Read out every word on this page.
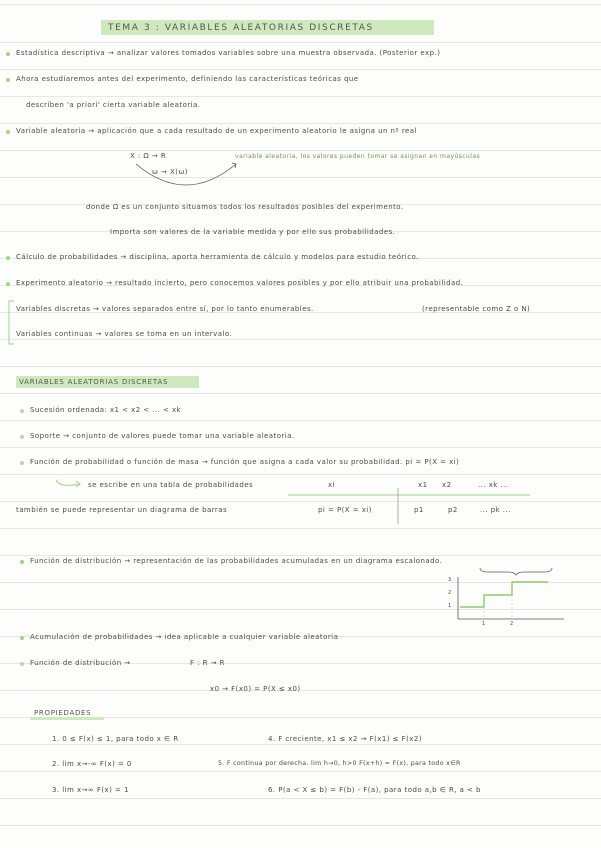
TEMA 3 : VARIABLES ALEATORIAS DISCRETAS
Estadística descriptiva → analizar valores tomados variables sobre una muestra observada. (Posterior exp.)
Ahora estudiaremos antes del experimento, definiendo las características teóricas que
describen 'a priori' cierta variable aleatoria.
Variable aleatoria → aplicación que a cada resultado de un experimento aleatorio le asigna un nº real
X : Ω → R	variable aleatoria, los valores pueden tomar se asignan en mayúsculas
ω → X(ω)
donde Ω es un conjunto situamos todos los resultados posibles del experimento.
Importa son valores de la variable medida y por ello sus probabilidades.
Cálculo de probabilidades → disciplina, aporta herramienta de cálculo y modelos para estudio teórico.
Experimento aleatorio → resultado incierto, pero conocemos valores posibles y por ello atribuir una probabilidad.
Variables discretas → valores separados entre sí, por lo tanto enumerables.	(representable como Z o N)
Variables continuas → valores se toma en un intervalo.
VARIABLES ALEATORIAS DISCRETAS
Sucesión ordenada: x1 < x2 < ... < xk
Soporte → conjunto de valores puede tomar una variable aleatoria.
Función de probabilidad o función de masa → función que asigna a cada valor su probabilidad. pi = P(X = xi)
se escribe en una tabla de probabilidades	xi	x1 x2	... xk ...
también se puede representar un diagrama de barras	pi = P(X = xi)	p1	p2	... pk ...
Función de distribución → representación de las probabilidades acumuladas en un diagrama escalonado.
3
2
1
1	2
Acumulación de probabilidades → idea aplicable a cualquier variable aleatoria
Función de distribución →	F : R → R
x0 → F(x0) = P(X ≤ x0)
PROPIEDADES
1. 0 ≤ F(x) ≤ 1, para todo x ∈ R	4. F creciente, x1 ≤ x2 → F(x1) ≤ F(x2)
2. lim x→-∞ F(x) = 0	5. F continua por derecha. lim h→0, h>0 F(x+h) = F(x), para todo x∈R
3. lim x→∞ F(x) = 1	6. P(a < X ≤ b) = F(b) - F(a), para todo a,b ∈ R, a < b
